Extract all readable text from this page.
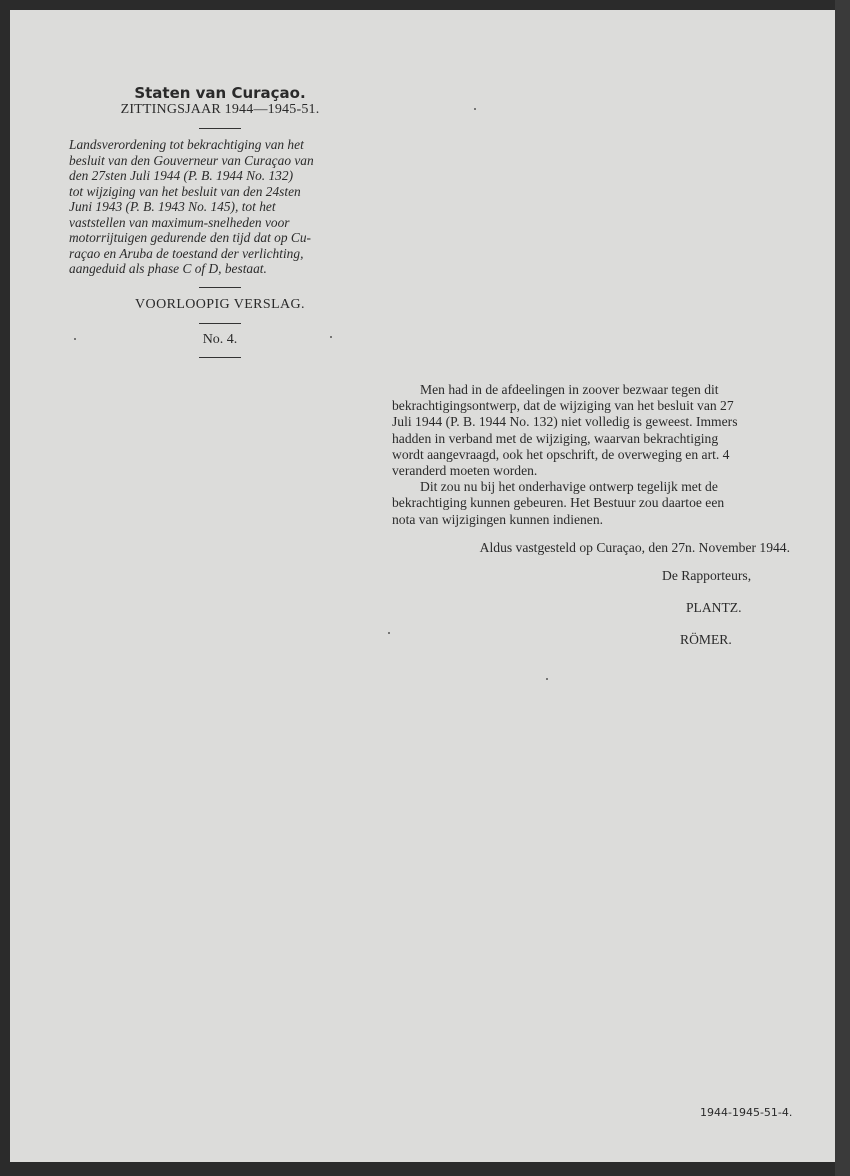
Staten van Curaçao.

ZITTINGSJAAR 1944—1945-51.

Landsverordening tot bekrachtiging van het
besluit van den Gouverneur van Curaçao van
den 27sten Juli 1944 (P. B. 1944 No. 132)
tot wijziging van het besluit van den 24sten
Juni 1943 (P. B. 1943 No. 145), tot het
vaststellen van maximum-snelheden voor
motorrijtuigen gedurende den tijd dat op Cu-
raçao en Aruba de toestand der verlichting,
aangeduid als phase C of D, bestaat.

VOORLOOPIG VERSLAG.

No. 4.

Men had in de afdeelingen in zoover bezwaar tegen dit
bekrachtigingsontwerp, dat de wijziging van het besluit van 27
Juli 1944 (P. B. 1944 No. 132) niet volledig is geweest. Immers
hadden in verband met de wijziging, waarvan bekrachtiging
wordt aangevraagd, ook het opschrift, de overweging en art. 4
veranderd moeten worden.

Dit zou nu bij het onderhavige ontwerp tegelijk met de
bekrachtiging kunnen gebeuren. Het Bestuur zou daartoe een
nota van wijzigingen kunnen indienen.

Aldus vastgesteld op Curaçao, den 27n. November 1944.

De Rapporteurs,

PLANTZ.

RÖMER.

1944-1945-51-4.
